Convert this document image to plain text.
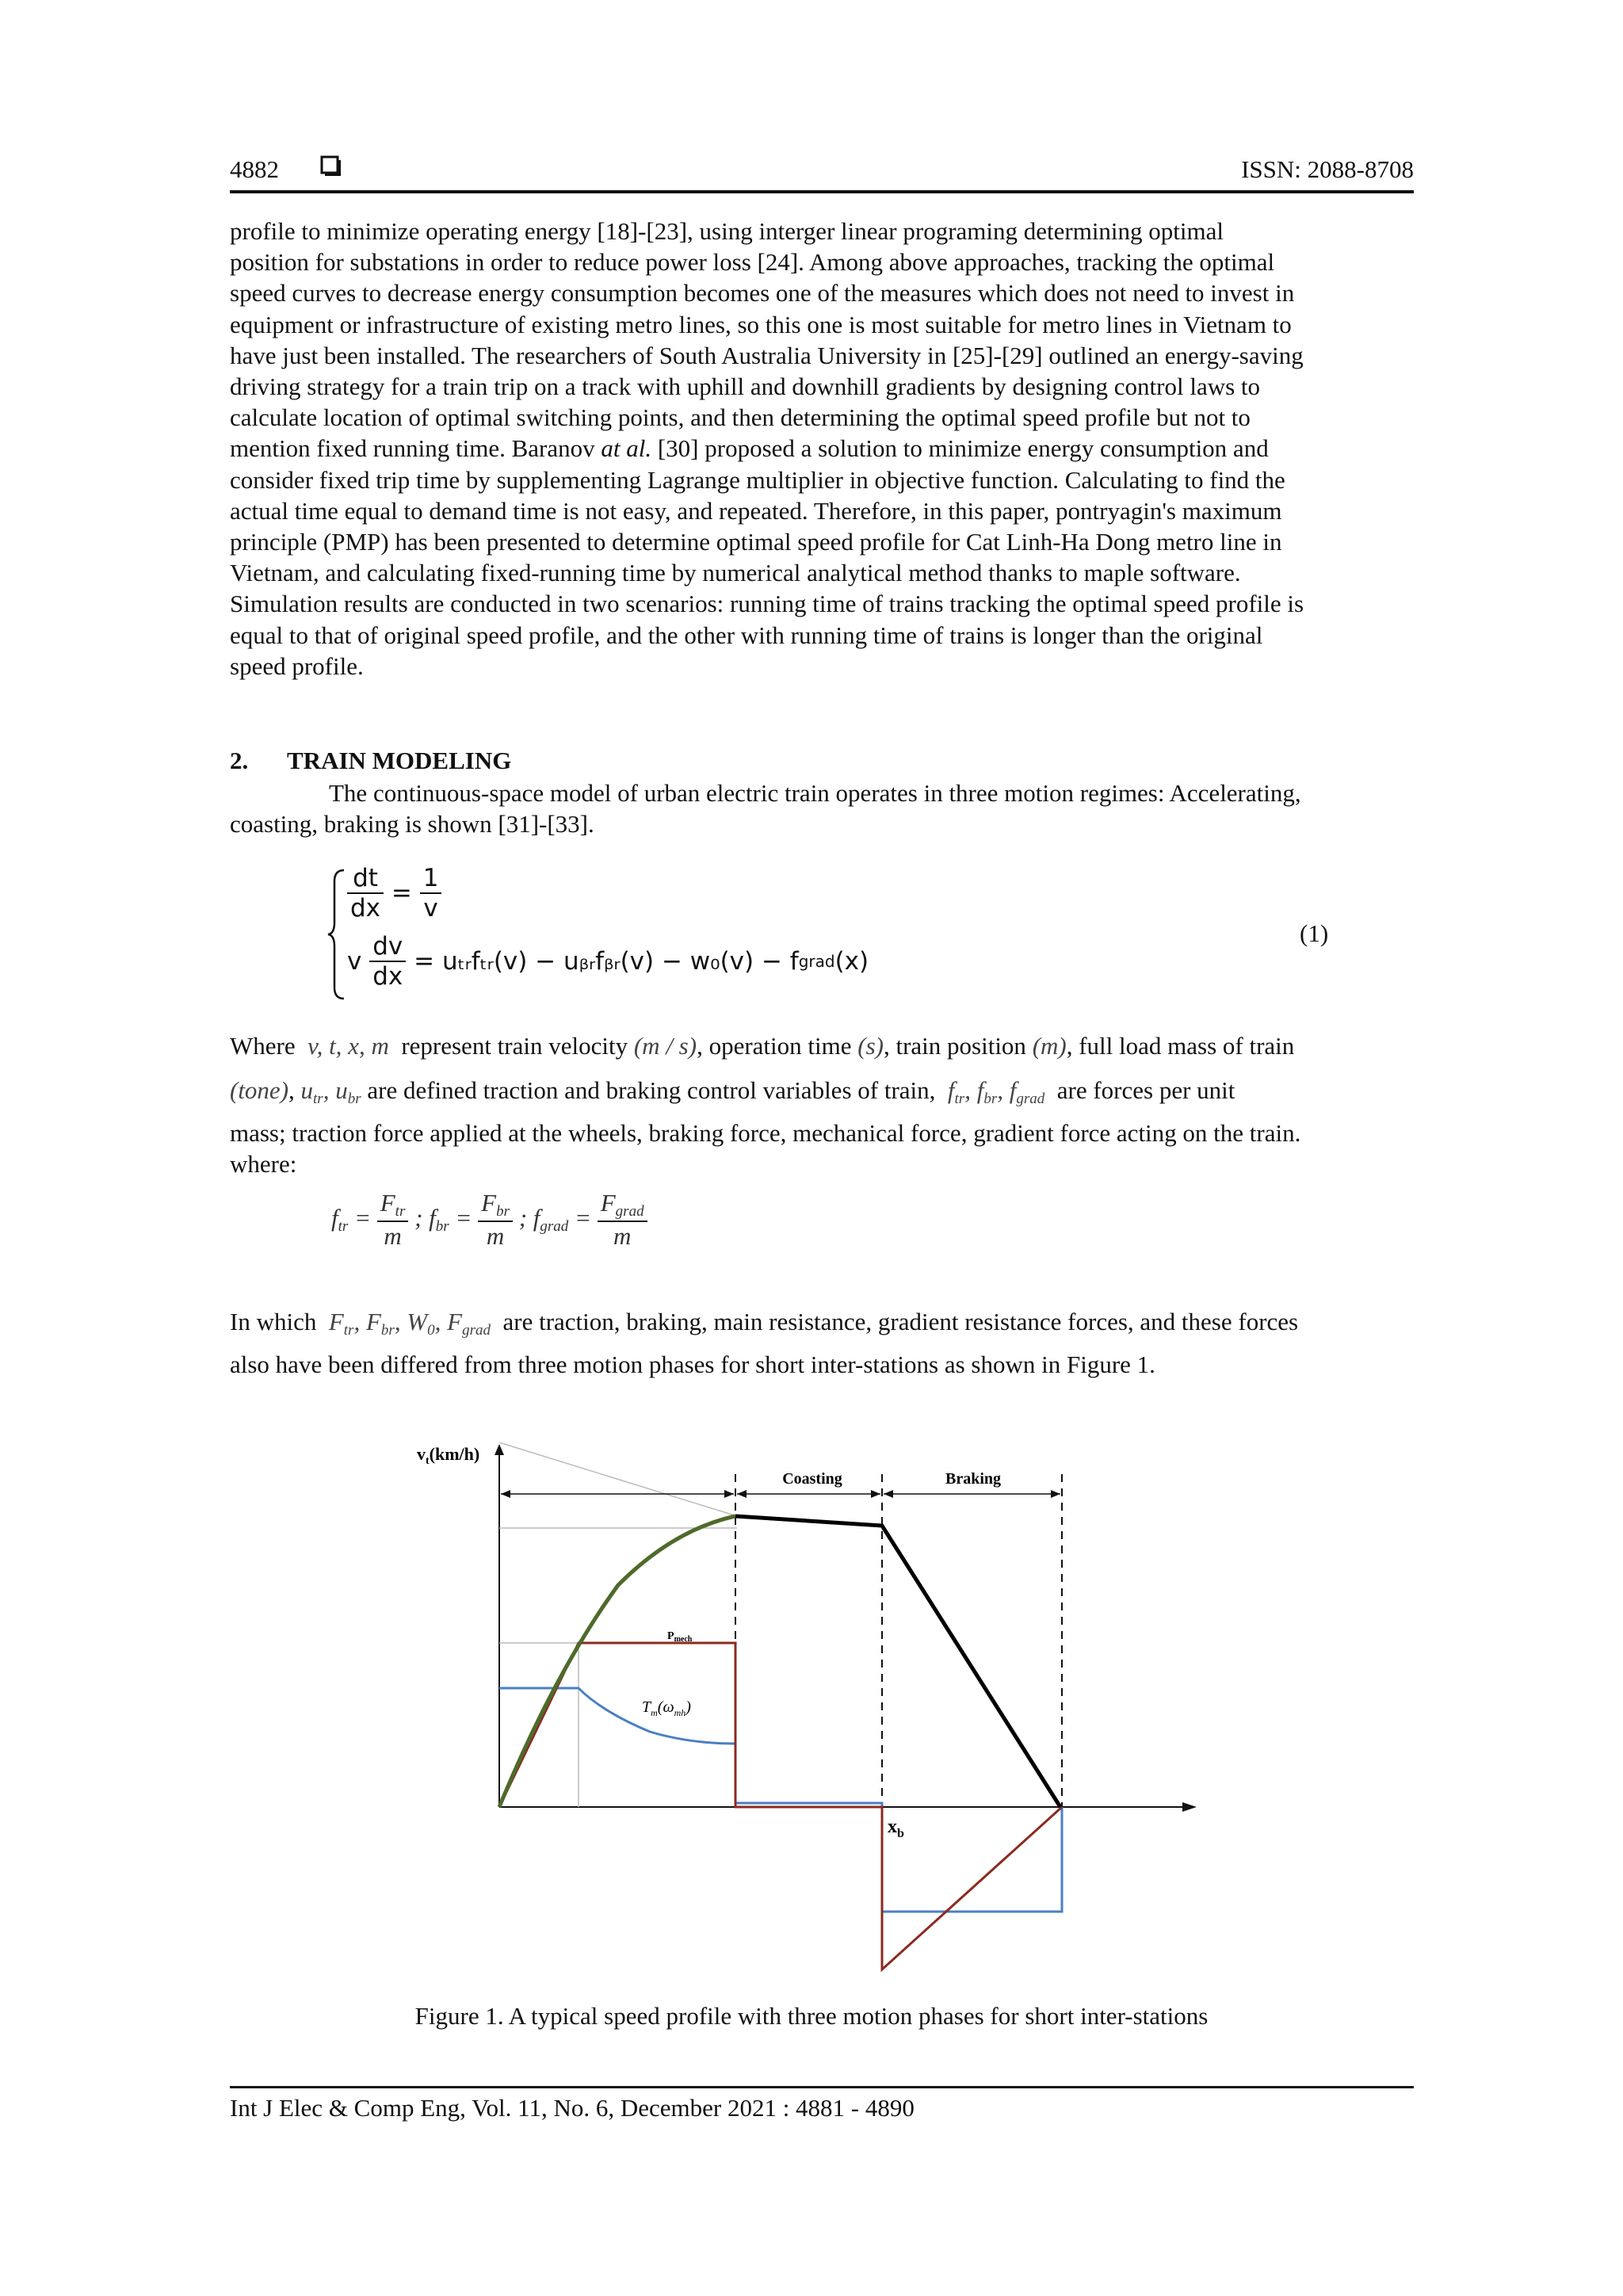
4882	ISSN: 2088-8708
profile to minimize operating energy [18]-[23], using interger linear programing determining optimal
position for substations in order to reduce power loss [24]. Among above approaches, tracking the optimal
speed curves to decrease energy consumption becomes one of the measures which does not need to invest in
equipment or infrastructure of existing metro lines, so this one is most suitable for metro lines in Vietnam to
have just been installed. The researchers of South Australia University in [25]-[29] outlined an energy-saving
driving strategy for a train trip on a track with uphill and downhill gradients by designing control laws to
calculate location of optimal switching points, and then determining the optimal speed profile but not to
mention fixed running time. Baranov at al. [30] proposed a solution to minimize energy consumption and
consider fixed trip time by supplementing Lagrange multiplier in objective function. Calculating to find the
actual time equal to demand time is not easy, and repeated. Therefore, in this paper, pontryagin's maximum
principle (PMP) has been presented to determine optimal speed profile for Cat Linh-Ha Dong metro line in
Vietnam, and calculating fixed-running time by numerical analytical method thanks to maple software.
Simulation results are conducted in two scenarios: running time of trains tracking the optimal speed profile is
equal to that of original speed profile, and the other with running time of trains is longer than the original
speed profile.
2. TRAIN MODELING
The continuous-space model of urban electric train operates in three motion regimes: Accelerating,
coasting, braking is shown [31]-[33].
$\frac{dt}{dx} = \frac{1}{v}$
v $\frac{dv}{dx}$ = uₜᵣfₜᵣ(v) − uᵦᵣfᵦᵣ(v) − w₀(v) − fgrad(x)
(1)
Where v, t, x, m represent train velocity (m / s), operation time (s), train position (m), full load mass of train
(tone), $u_{tr}$, $u_{br}$ are defined traction and braking control variables of train, $f_{tr}$, $f_{br}$, $f_{grad}$ are forces per unit
mass; traction force applied at the wheels, braking force, mechanical force, gradient force acting on the train.
where:
$f_{tr} = \frac{F_{tr}}{m}$ ; $f_{br} = \frac{F_{br}}{m}$ ; $f_{grad} = \frac{F_{grad}}{m}$
In which $F_{tr}$, $F_{br}$, $W_0$, $F_{grad}$ are traction, braking, main resistance, gradient resistance forces, and these forces
also have been differed from three motion phases for short inter-stations as shown in Figure 1.
$v_t(km/h)$
Coasting	Braking
$P_{mech}$
$T_m(\omega_{mh})$
$x_b$
Figure 1. A typical speed profile with three motion phases for short inter-stations
Int J Elec & Comp Eng, Vol. 11, No. 6, December 2021 : 4881 - 4890
